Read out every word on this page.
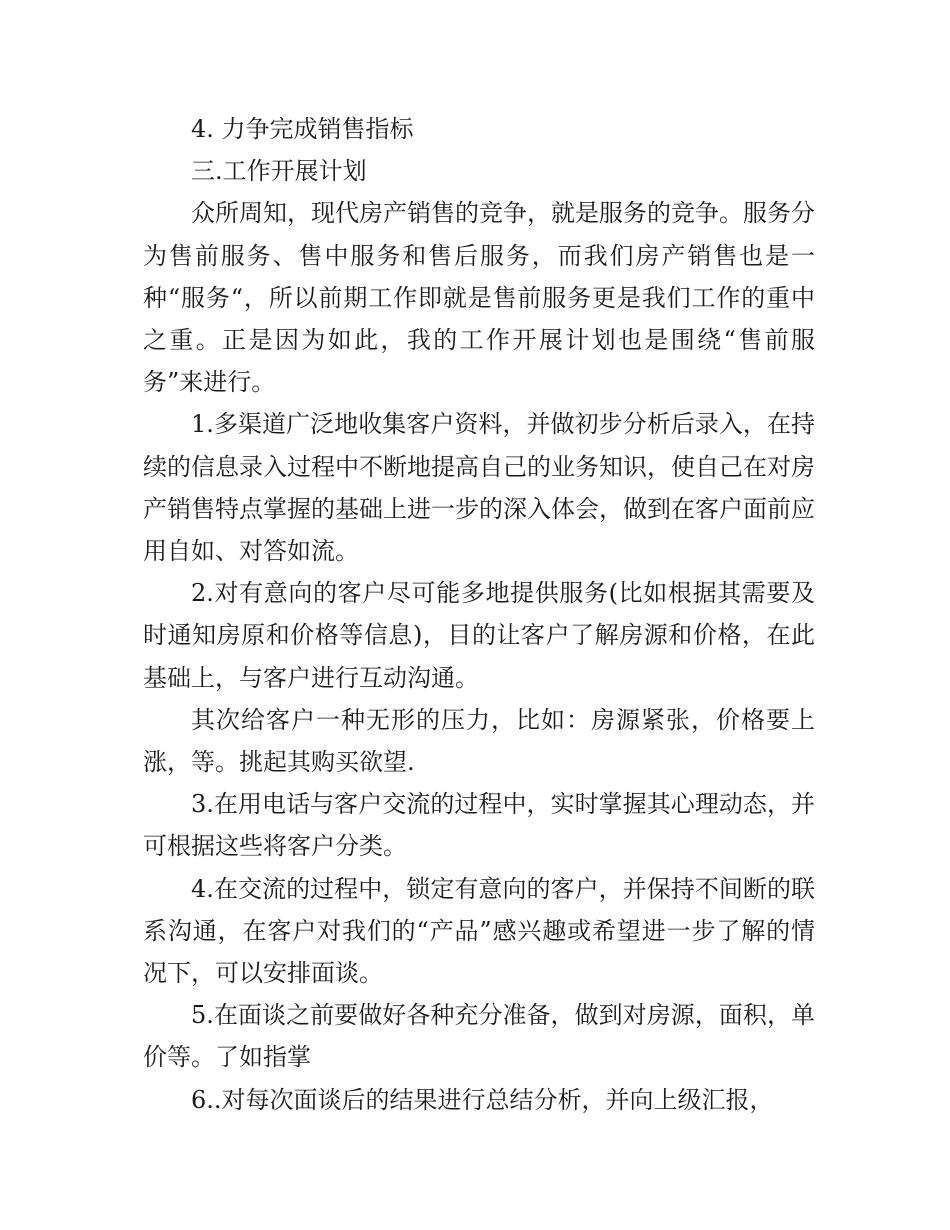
4. 力争完成销售指标

三.工作开展计划

众所周知，现代房产销售的竞争，就是服务的竞争。服务分为售前服务、售中服务和售后服务，而我们房产销售也是一种“服务“，所以前期工作即就是售前服务更是我们工作的重中之重。正是因为如此，我的工作开展计划也是围绕“售前服务”来进行。

1.多渠道广泛地收集客户资料，并做初步分析后录入，在持续的信息录入过程中不断地提高自己的业务知识，使自己在对房产销售特点掌握的基础上进一步的深入体会，做到在客户面前应用自如、对答如流。

2.对有意向的客户尽可能多地提供服务(比如根据其需要及时通知房原和价格等信息)，目的让客户了解房源和价格，在此基础上，与客户进行互动沟通。

其次给客户一种无形的压力，比如：房源紧张，价格要上涨，等。挑起其购买欲望.

3.在用电话与客户交流的过程中，实时掌握其心理动态，并可根据这些将客户分类。

4.在交流的过程中，锁定有意向的客户，并保持不间断的联系沟通，在客户对我们的“产品”感兴趣或希望进一步了解的情况下，可以安排面谈。

5.在面谈之前要做好各种充分准备，做到对房源，面积，单价等。了如指掌

6..对每次面谈后的结果进行总结分析，并向上级汇报，
